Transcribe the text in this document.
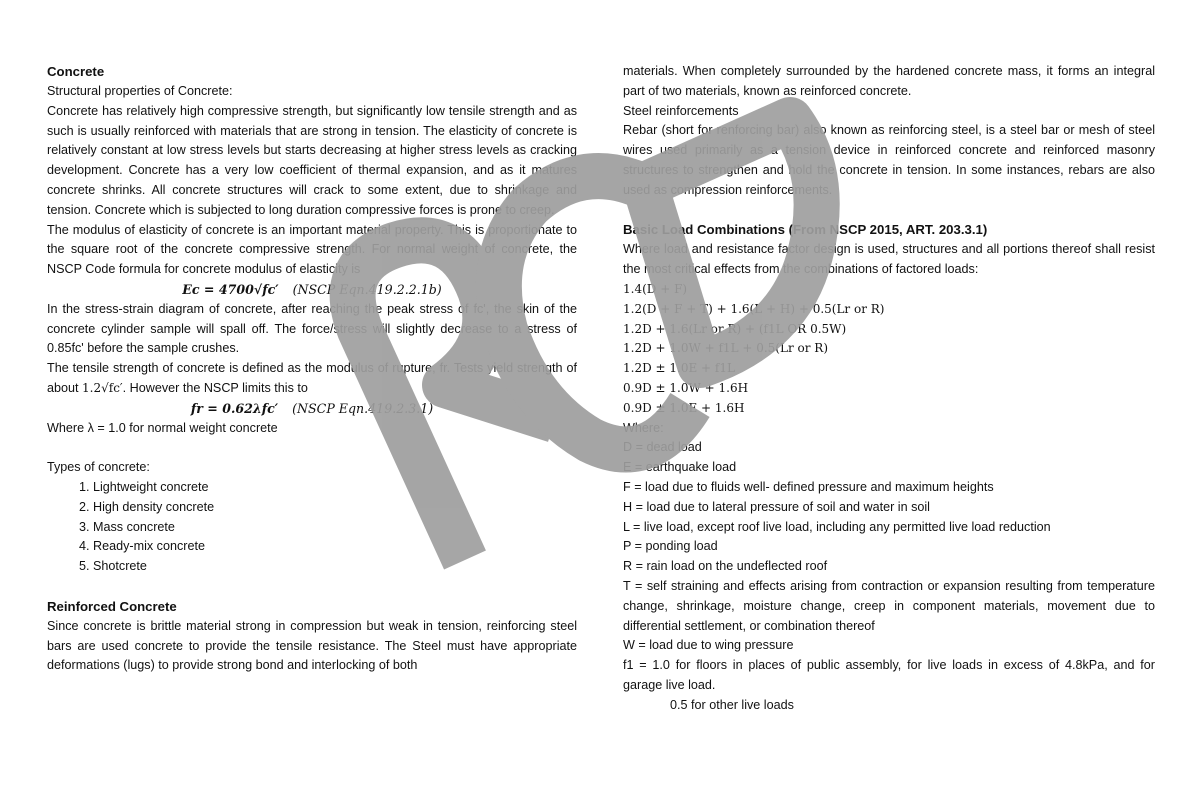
Concrete

Structural properties of Concrete:

Concrete has relatively high compressive strength, but significantly low tensile strength and as such is usually reinforced with materials that are strong in tension. The elasticity of concrete is relatively constant at low stress levels but starts decreasing at higher stress levels as cracking development. Concrete has a very low coefficient of thermal expansion, and as it matures concrete shrinks. All concrete structures will crack to some extent, due to shrinkage and tension. Concrete which is subjected to long duration compressive forces is prone to creep.

The modulus of elasticity of concrete is an important material property. This is proportionate to the square root of the concrete compressive strength. For normal weight of concrete, the NSCP Code formula for concrete modulus of elasticity is

Ec = 4700√fc′ (NSCP Eqn.419.2.2.1b)

In the stress-strain diagram of concrete, after reaching the peak stress of fc', the skin of the concrete cylinder sample will spall off. The force/stress will slightly decrease to a stress of 0.85fc' before the sample crushes.

The tensile strength of concrete is defined as the modulus of rupture, fr. Tests yield strength of about 1.2√fc′. However the NSCP limits this to

fr = 0.62λfc′ (NSCP Eqn.419.2.3.1)

Where λ = 1.0 for normal weight concrete

Types of concrete:

1. Lightweight concrete
2. High density concrete
3. Mass concrete
4. Ready-mix concrete
5. Shotcrete
Reinforced Concrete

Since concrete is brittle material strong in compression but weak in tension, reinforcing steel bars are used concrete to provide the tensile resistance. The Steel must have appropriate deformations (lugs) to provide strong bond and interlocking of both

materials. When completely surrounded by the hardened concrete mass, it forms an integral part of two materials, known as reinforced concrete.

Steel reinforcements

Rebar (short for renforcing bar) also known as reinforcing steel, is a steel bar or mesh of steel wires used primarily as a tension device in reinforced concrete and reinforced masonry structures to strengthen and hold the concrete in tension. In some instances, rebars are also used as compression reinforcements.

Basic Load Combinations (From NSCP 2015, ART. 203.3.1)

Where load and resistance factor design is used, structures and all portions thereof shall resist the most critical effects from the combinations of factored loads:

1.4(D + F)

1.2(D + F + T) + 1.6(L + H) + 0.5(Lr or R)

1.2D + 1.6(Lr or R) + (f1L OR 0.5W)

1.2D + 1.0W + f1L + 0.5(Lr or R)

1.2D ± 1.0E + f1L

0.9D ± 1.0W + 1.6H

0.9D ± 1.0E + 1.6H

Where:

D = dead load

E = earthquake load

F = load due to fluids well- defined pressure and maximum heights

H = load due to lateral pressure of soil and water in soil

L = live load, except roof live load, including any permitted live load reduction

P = ponding load

R = rain load on the undeflected roof

T = self straining and effects arising from contraction or expansion resulting from temperature change, shrinkage, moisture change, creep in component materials, movement due to differential settlement, or combination thereof

W = load due to wing pressure

f1 = 1.0 for floors in places of public assembly, for live loads in excess of 4.8kPa, and for garage live load.

0.5 for other live loads
